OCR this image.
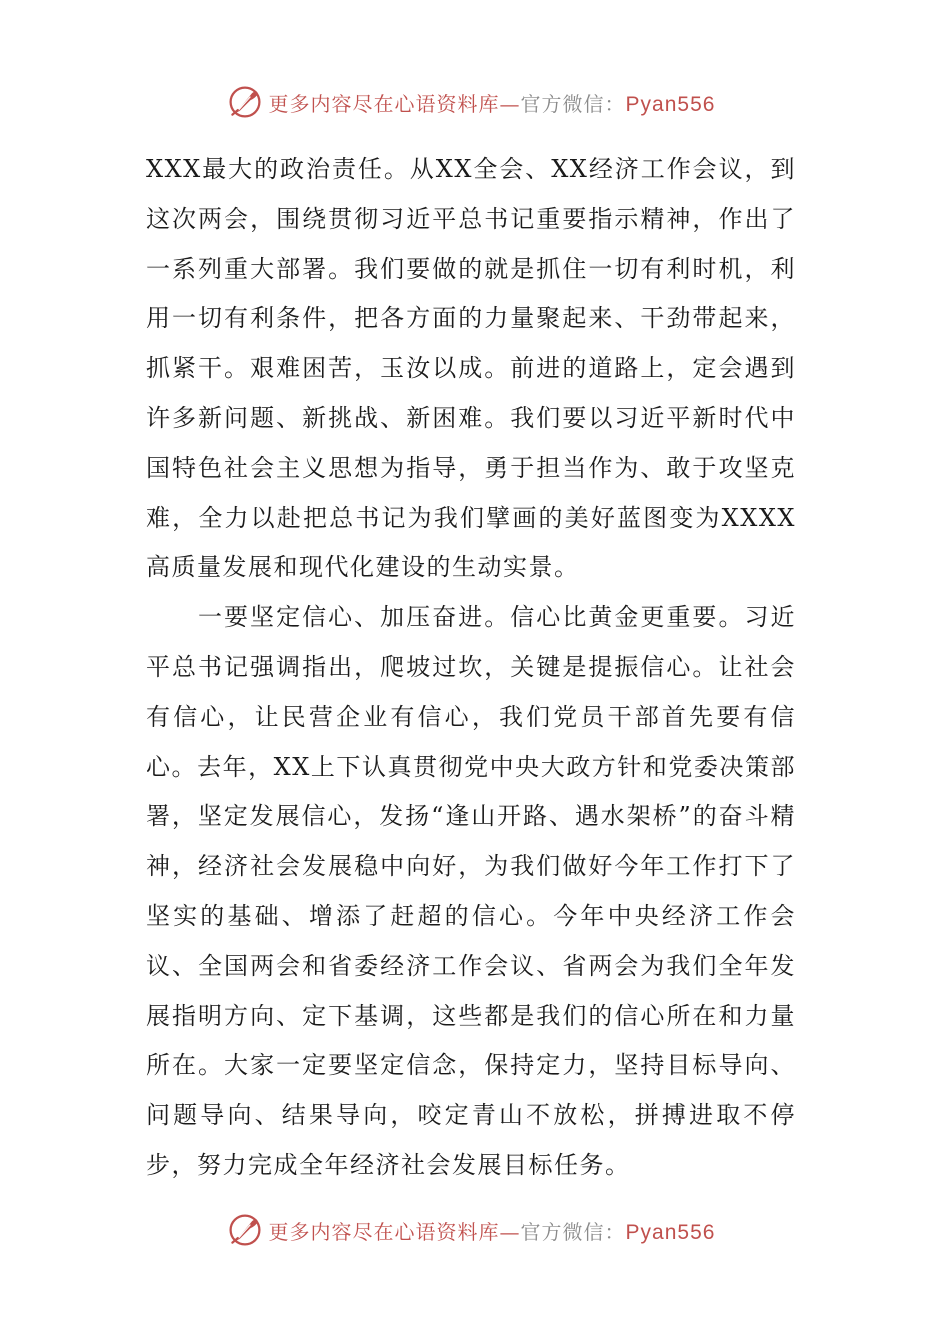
更多内容尽在心语资料库—官方微信：Pyan556

XXX最大的政治责任。从XX全会、XX经济工作会议，到这次两会，围绕贯彻习近平总书记重要指示精神，作出了一系列重大部署。我们要做的就是抓住一切有利时机，利用一切有利条件，把各方面的力量聚起来、干劲带起来，抓紧干。艰难困苦，玉汝以成。前进的道路上，定会遇到许多新问题、新挑战、新困难。我们要以习近平新时代中国特色社会主义思想为指导，勇于担当作为、敢于攻坚克难，全力以赴把总书记为我们擘画的美好蓝图变为XXXX高质量发展和现代化建设的生动实景。

一要坚定信心、加压奋进。信心比黄金更重要。习近平总书记强调指出，爬坡过坎，关键是提振信心。让社会有信心，让民营企业有信心，我们党员干部首先要有信心。去年，XX上下认真贯彻党中央大政方针和党委决策部署，坚定发展信心，发扬“逢山开路、遇水架桥”的奋斗精神，经济社会发展稳中向好，为我们做好今年工作打下了坚实的基础、增添了赶超的信心。今年中央经济工作会议、全国两会和省委经济工作会议、省两会为我们全年发展指明方向、定下基调，这些都是我们的信心所在和力量所在。大家一定要坚定信念，保持定力，坚持目标导向、问题导向、结果导向，咬定青山不放松，拼搏进取不停步，努力完成全年经济社会发展目标任务。

更多内容尽在心语资料库—官方微信：Pyan556
